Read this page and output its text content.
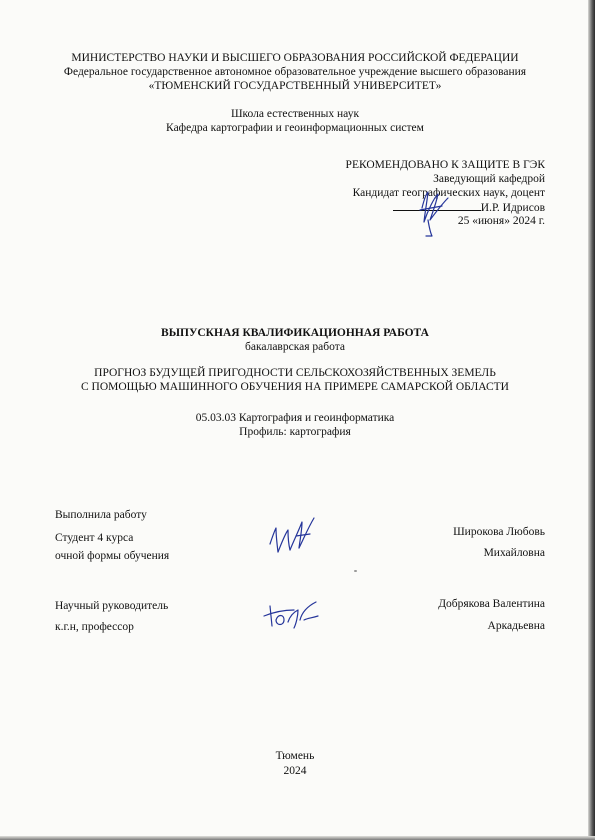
МИНИСТЕРСТВО НАУКИ И ВЫСШЕГО ОБРАЗОВАНИЯ РОССИЙСКОЙ ФЕДЕРАЦИИ
Федеральное государственное автономное образовательное учреждение высшего образования
«ТЮМЕНСКИЙ ГОСУДАРСТВЕННЫЙ УНИВЕРСИТЕТ»
Школа естественных наук
Кафедра картографии и геоинформационных систем
РЕКОМЕНДОВАНО К ЗАЩИТЕ В ГЭК
Заведующий кафедрой
Кандидат географических наук, доцент
И.Р. Идрисов
25 «июня» 2024 г.
ВЫПУСКНАЯ КВАЛИФИКАЦИОННАЯ РАБОТА
бакалаврская работа
ПРОГНОЗ БУДУЩЕЙ ПРИГОДНОСТИ СЕЛЬСКОХОЗЯЙСТВЕННЫХ ЗЕМЕЛЬ
С ПОМОЩЬЮ МАШИННОГО ОБУЧЕНИЯ НА ПРИМЕРЕ САМАРСКОЙ ОБЛАСТИ
05.03.03 Картография и геоинформатика
Профиль: картография
Выполнила работу
Студент 4 курса
очной формы обучения
Широкова Любовь
Михайловна
Научный руководитель
к.г.н, профессор
Добрякова Валентина
Аркадьевна
Тюмень
2024
